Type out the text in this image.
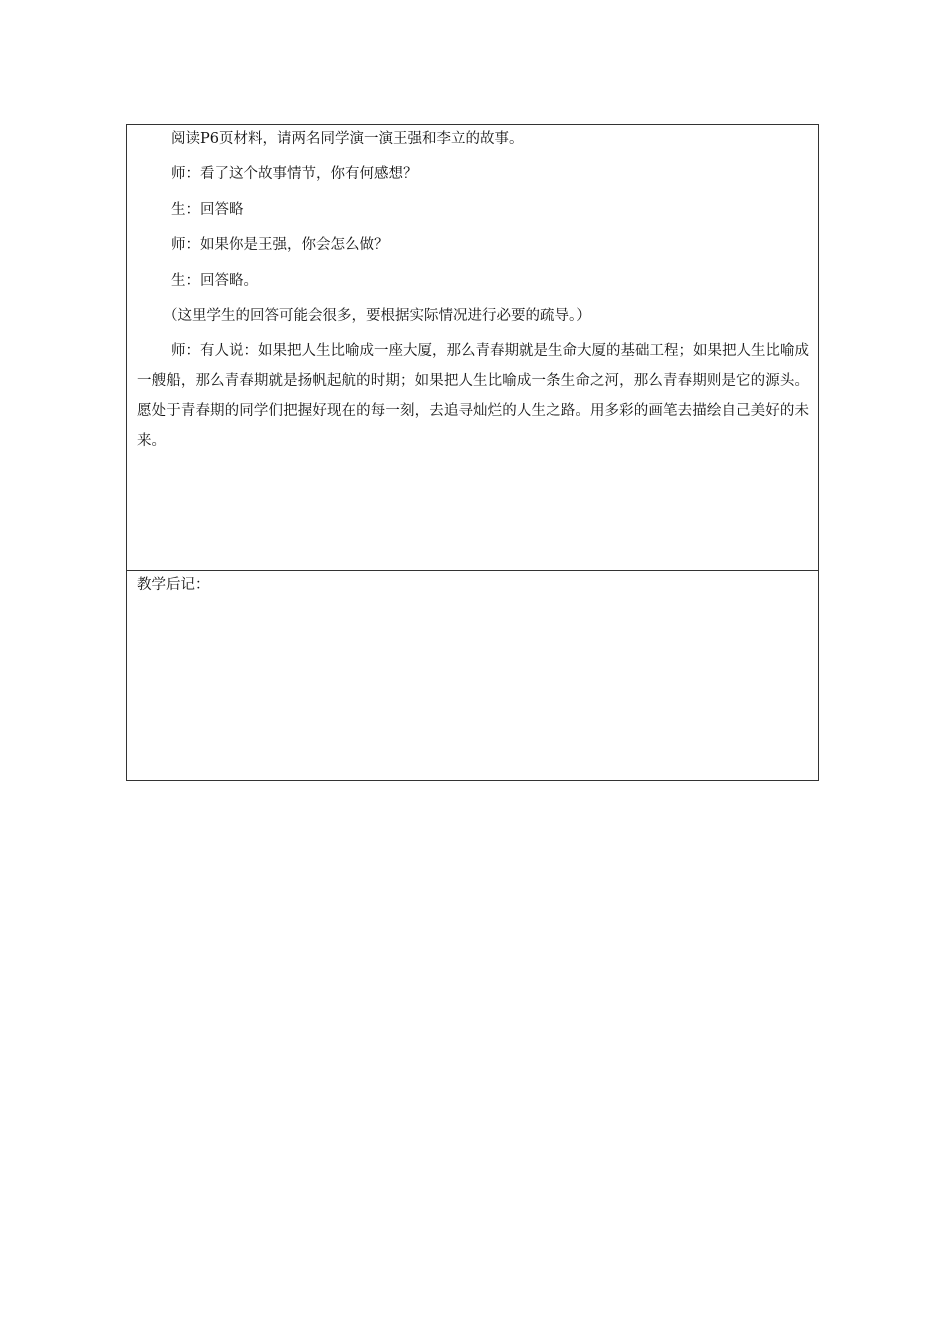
阅读P6页材料，请两名同学演一演王强和李立的故事。
师：看了这个故事情节，你有何感想？
生：回答略
师：如果你是王强，你会怎么做？
生：回答略。
（这里学生的回答可能会很多，要根据实际情况进行必要的疏导。）
师：有人说：如果把人生比喻成一座大厦，那么青春期就是生命大厦的基础工程；如果把人生比喻成一艘船，那么青春期就是扬帆起航的时期；如果把人生比喻成一条生命之河，那么青春期则是它的源头。愿处于青春期的同学们把握好现在的每一刻，去追寻灿烂的人生之路。用多彩的画笔去描绘自己美好的未来。
教学后记：
